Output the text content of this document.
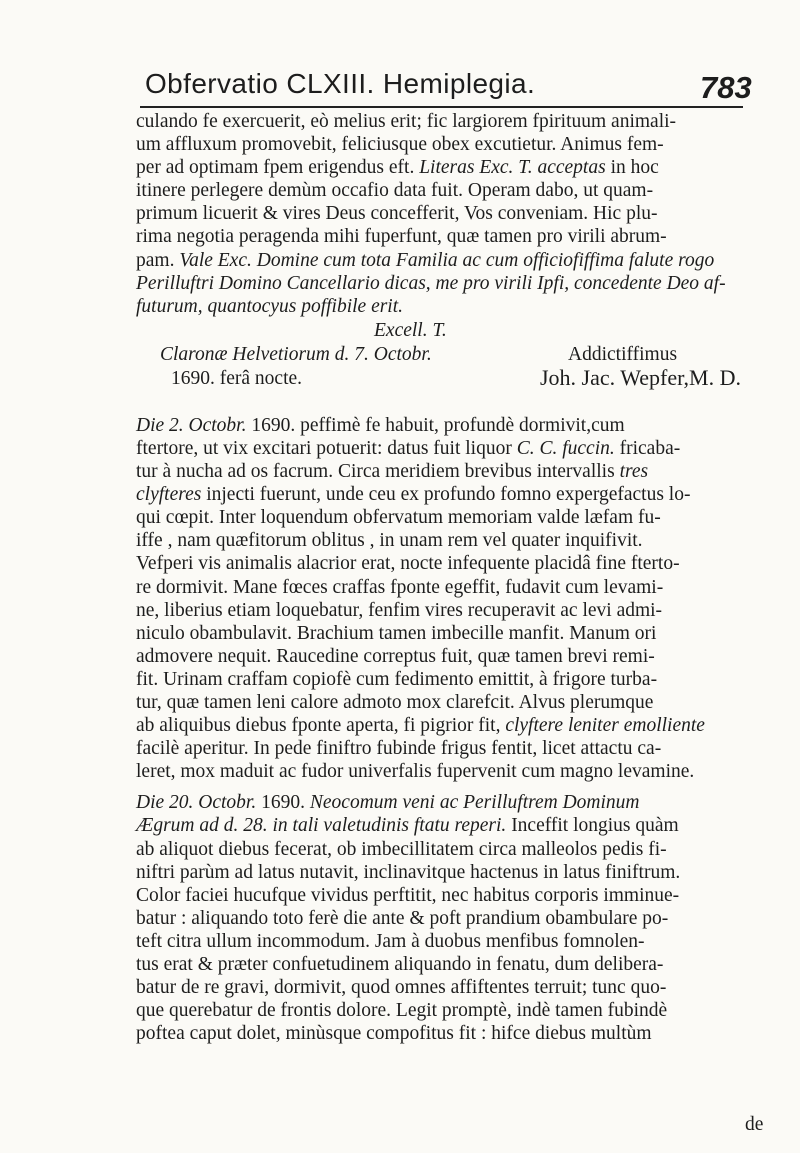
Obfervatio CLXIII. Hemiplegia.	783
culando fe exercuerit, eò melius erit; fic largiorem fpirituum animali-
um affluxum promovebit, feliciusque obex excutietur. Animus fem-
per ad optimam fpem erigendus eft. Literas Exc. T. acceptas in hoc
itinere perlegere demùm occafio data fuit. Operam dabo, ut quam-
primum licuerit & vires Deus concefferit, Vos conveniam. Hic plu-
rima negotia peragenda mihi fuperfunt, quæ tamen pro virili abrum-
pam. Vale Exc. Domine cum tota Familia ac cum officiofiffima falute rogo
Perilluftri Domino Cancellario dicas, me pro virili Ipfi, concedente Deo af-
futurum, quantocyus poffibile erit.
Die 2. Octobr. 1690. peffimè fe habuit, profundè dormivit,cum
ftertore, ut vix excitari potuerit: datus fuit liquor C. C. fuccin. fricaba-
tur à nucha ad os facrum. Circa meridiem brevibus intervallis tres
clyfteres injecti fuerunt, unde ceu ex profundo fomno expergefactus lo-
qui cœpit. Inter loquendum obfervatum memoriam valde læfam fu-
iffe , nam quæfitorum oblitus , in unam rem vel quater inquifivit.
Vefperi vis animalis alacrior erat, nocte infequente placidâ fine fterto-
re dormivit. Mane fœces craffas fponte egeffit, fudavit cum levami-
ne, liberius etiam loquebatur, fenfim vires recuperavit ac levi admi-
niculo obambulavit. Brachium tamen imbecille manfit. Manum ori
admovere nequit. Raucedine correptus fuit, quæ tamen brevi remi-
fit. Urinam craffam copiofè cum fedimento emittit, à frigore turba-
tur, quæ tamen leni calore admoto mox clarefcit. Alvus plerumque
ab aliquibus diebus fponte aperta, fi pigrior fit, clyftere leniter emolliente
facilè aperitur. In pede finiftro fubinde frigus fentit, licet attactu ca-
leret, mox maduit ac fudor univerfalis fupervenit cum magno levamine.
Die 20. Octobr. 1690. Neocomum veni ac Perilluftrem Dominum
Ægrum ad d. 28. in tali valetudinis ftatu reperi. Inceffit longius quàm
ab aliquot diebus fecerat, ob imbecillitatem circa malleolos pedis fi-
niftri parùm ad latus nutavit, inclinavitque hactenus in latus finiftrum.
Color faciei hucufque vividus perftitit, nec habitus corporis imminue-
batur : aliquando toto ferè die ante & poft prandium obambulare po-
teft citra ullum incommodum. Jam à duobus menfibus fomnolen-
tus erat & præter confuetudinem aliquando in fenatu, dum delibera-
batur de re gravi, dormivit, quod omnes affiftentes terruit; tunc quo-
que querebatur de frontis dolore. Legit promptè, indè tamen fubindè
poftea caput dolet, minùsque compofitus fit : hifce diebus multùm
Excell. T.
Claronæ Helvetiorum d. 7. Octobr.
1690. ferâ nocte.
Addictiffimus
Joh. Jac. Wepfer,M. D.
de
